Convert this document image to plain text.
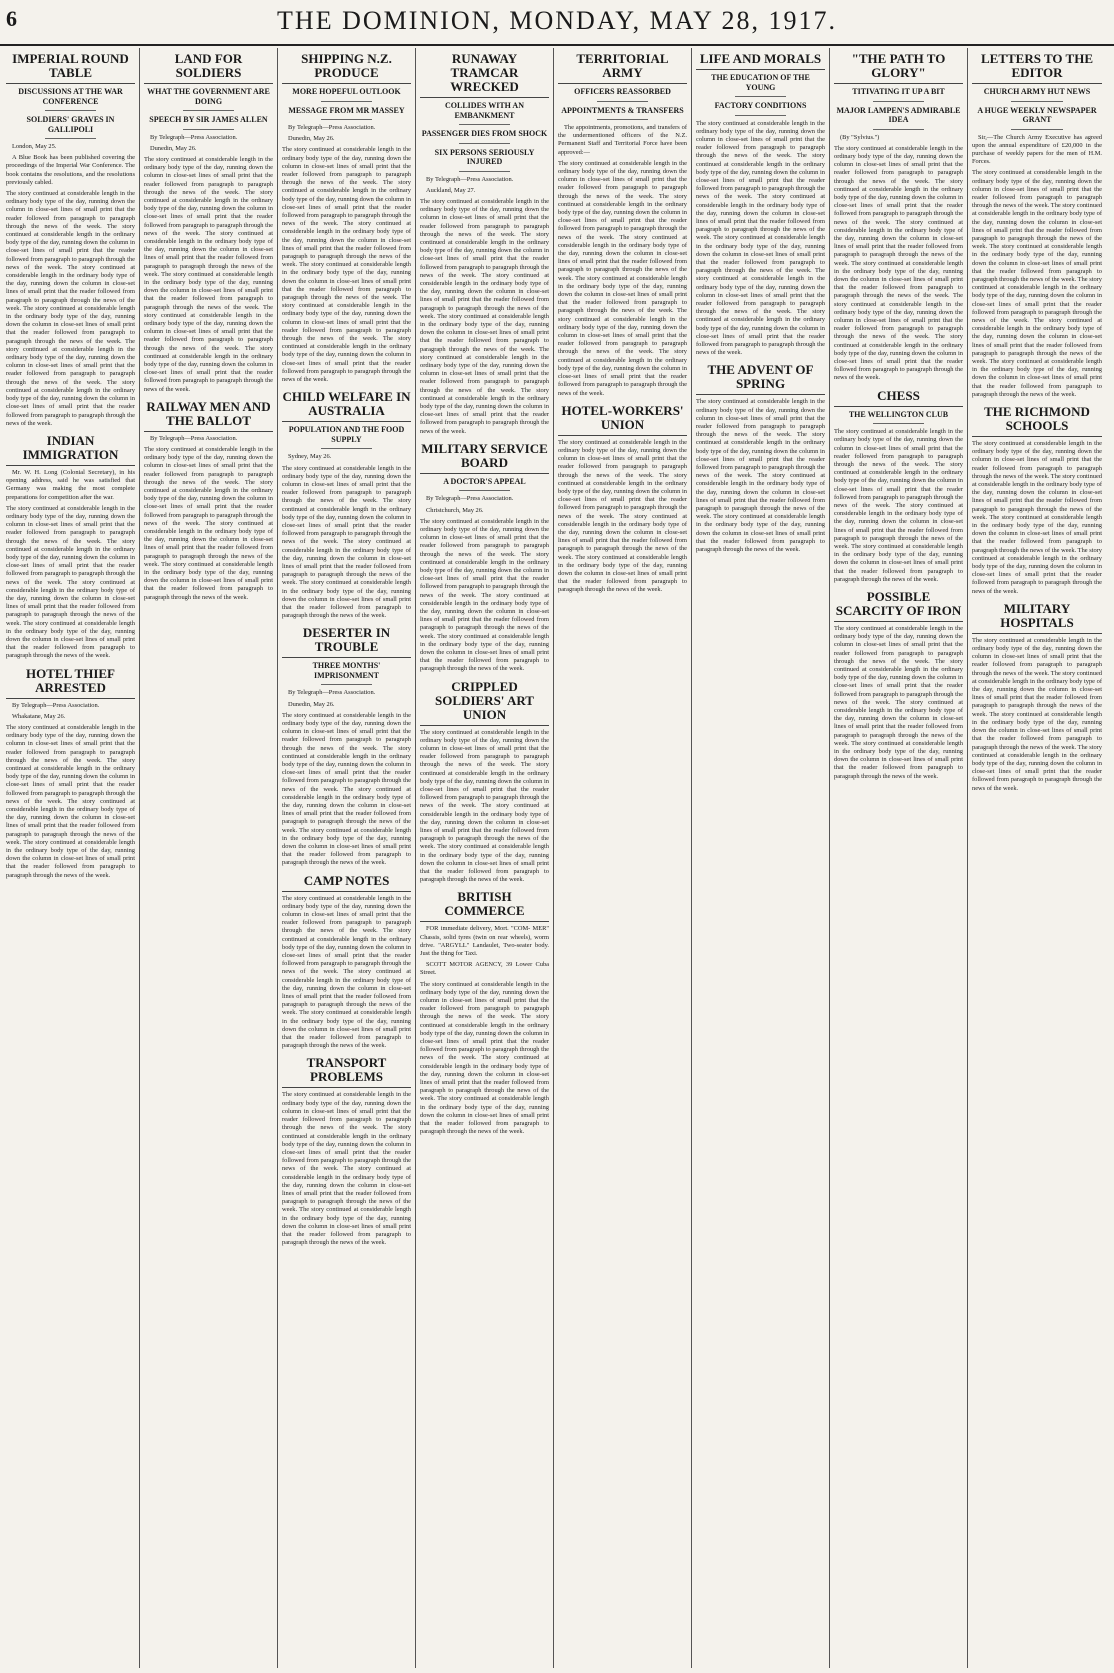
6	THE DOMINION, MONDAY, MAY 28, 1917.
IMPERIAL ROUND TABLE
DISCUSSIONS AT THE WAR CONFERENCE
SOLDIERS' GRAVES IN GALLIPOLI

London, May 25.

A Blue Book has been published covering the proceedings of the Imperial War Conference. The book contains the resolutions, and the resolutions previously cabled.

The story continued at considerable length in the ordinary body type of the day, running down the column in close-set lines of small print that the reader followed from paragraph to paragraph through the news of the week. The story continued at considerable length in the ordinary body type of the day, running down the column in close-set lines of small print that the reader followed from paragraph to paragraph through the news of the week. The story continued at considerable length in the ordinary body type of the day, running down the column in close-set lines of small print that the reader followed from paragraph to paragraph through the news of the week. The story continued at considerable length in the ordinary body type of the day, running down the column in close-set lines of small print that the reader followed from paragraph to paragraph through the news of the week. The story continued at considerable length in the ordinary body type of the day, running down the column in close-set lines of small print that the reader followed from paragraph to paragraph through the news of the week. The story continued at considerable length in the ordinary body type of the day, running down the column in close-set lines of small print that the reader followed from paragraph to paragraph through the news of the week.
INDIAN IMMIGRATION

Mr. W. H. Long (Colonial Secretary), in his opening address, said he was satisfied that Germany was making the most complete preparations for competition after the war.

The story continued at considerable length in the ordinary body type of the day, running down the column in close-set lines of small print that the reader followed from paragraph to paragraph through the news of the week. The story continued at considerable length in the ordinary body type of the day, running down the column in close-set lines of small print that the reader followed from paragraph to paragraph through the news of the week. The story continued at considerable length in the ordinary body type of the day, running down the column in close-set lines of small print that the reader followed from paragraph to paragraph through the news of the week. The story continued at considerable length in the ordinary body type of the day, running down the column in close-set lines of small print that the reader followed from paragraph to paragraph through the news of the week.
HOTEL THIEF ARRESTED

By Telegraph—Press Association.

Whakatane, May 26.

The story continued at considerable length in the ordinary body type of the day, running down the column in close-set lines of small print that the reader followed from paragraph to paragraph through the news of the week. The story continued at considerable length in the ordinary body type of the day, running down the column in close-set lines of small print that the reader followed from paragraph to paragraph through the news of the week. The story continued at considerable length in the ordinary body type of the day, running down the column in close-set lines of small print that the reader followed from paragraph to paragraph through the news of the week. The story continued at considerable length in the ordinary body type of the day, running down the column in close-set lines of small print that the reader followed from paragraph to paragraph through the news of the week.
LAND FOR SOLDIERS
WHAT THE GOVERNMENT ARE DOING
SPEECH BY SIR JAMES ALLEN

By Telegraph—Press Association.

Dunedin, May 26.

The story continued at considerable length in the ordinary body type of the day, running down the column in close-set lines of small print that the reader followed from paragraph to paragraph through the news of the week. The story continued at considerable length in the ordinary body type of the day, running down the column in close-set lines of small print that the reader followed from paragraph to paragraph through the news of the week. The story continued at considerable length in the ordinary body type of the day, running down the column in close-set lines of small print that the reader followed from paragraph to paragraph through the news of the week. The story continued at considerable length in the ordinary body type of the day, running down the column in close-set lines of small print that the reader followed from paragraph to paragraph through the news of the week. The story continued at considerable length in the ordinary body type of the day, running down the column in close-set lines of small print that the reader followed from paragraph to paragraph through the news of the week. The story continued at considerable length in the ordinary body type of the day, running down the column in close-set lines of small print that the reader followed from paragraph to paragraph through the news of the week.
RAILWAY MEN AND THE BALLOT

By Telegraph—Press Association.

The story continued at considerable length in the ordinary body type of the day, running down the column in close-set lines of small print that the reader followed from paragraph to paragraph through the news of the week. The story continued at considerable length in the ordinary body type of the day, running down the column in close-set lines of small print that the reader followed from paragraph to paragraph through the news of the week. The story continued at considerable length in the ordinary body type of the day, running down the column in close-set lines of small print that the reader followed from paragraph to paragraph through the news of the week. The story continued at considerable length in the ordinary body type of the day, running down the column in close-set lines of small print that the reader followed from paragraph to paragraph through the news of the week.
SHIPPING N.Z. PRODUCE
MORE HOPEFUL OUTLOOK
MESSAGE FROM MR MASSEY

By Telegraph—Press Association.

Dunedin, May 26.

The story continued at considerable length in the ordinary body type of the day, running down the column in close-set lines of small print that the reader followed from paragraph to paragraph through the news of the week. The story continued at considerable length in the ordinary body type of the day, running down the column in close-set lines of small print that the reader followed from paragraph to paragraph through the news of the week. The story continued at considerable length in the ordinary body type of the day, running down the column in close-set lines of small print that the reader followed from paragraph to paragraph through the news of the week. The story continued at considerable length in the ordinary body type of the day, running down the column in close-set lines of small print that the reader followed from paragraph to paragraph through the news of the week. The story continued at considerable length in the ordinary body type of the day, running down the column in close-set lines of small print that the reader followed from paragraph to paragraph through the news of the week. The story continued at considerable length in the ordinary body type of the day, running down the column in close-set lines of small print that the reader followed from paragraph to paragraph through the news of the week.
CHILD WELFARE IN AUSTRALIA
POPULATION AND THE FOOD SUPPLY

Sydney, May 26.

The story continued at considerable length in the ordinary body type of the day, running down the column in close-set lines of small print that the reader followed from paragraph to paragraph through the news of the week. The story continued at considerable length in the ordinary body type of the day, running down the column in close-set lines of small print that the reader followed from paragraph to paragraph through the news of the week. The story continued at considerable length in the ordinary body type of the day, running down the column in close-set lines of small print that the reader followed from paragraph to paragraph through the news of the week. The story continued at considerable length in the ordinary body type of the day, running down the column in close-set lines of small print that the reader followed from paragraph to paragraph through the news of the week.
DESERTER IN TROUBLE
THREE MONTHS' IMPRISONMENT

By Telegraph—Press Association.

Dunedin, May 26.

The story continued at considerable length in the ordinary body type of the day, running down the column in close-set lines of small print that the reader followed from paragraph to paragraph through the news of the week. The story continued at considerable length in the ordinary body type of the day, running down the column in close-set lines of small print that the reader followed from paragraph to paragraph through the news of the week. The story continued at considerable length in the ordinary body type of the day, running down the column in close-set lines of small print that the reader followed from paragraph to paragraph through the news of the week. The story continued at considerable length in the ordinary body type of the day, running down the column in close-set lines of small print that the reader followed from paragraph to paragraph through the news of the week.
CAMP NOTES
The story continued at considerable length in the ordinary body type of the day, running down the column in close-set lines of small print that the reader followed from paragraph to paragraph through the news of the week. The story continued at considerable length in the ordinary body type of the day, running down the column in close-set lines of small print that the reader followed from paragraph to paragraph through the news of the week. The story continued at considerable length in the ordinary body type of the day, running down the column in close-set lines of small print that the reader followed from paragraph to paragraph through the news of the week. The story continued at considerable length in the ordinary body type of the day, running down the column in close-set lines of small print that the reader followed from paragraph to paragraph through the news of the week.
TRANSPORT PROBLEMS
The story continued at considerable length in the ordinary body type of the day, running down the column in close-set lines of small print that the reader followed from paragraph to paragraph through the news of the week. The story continued at considerable length in the ordinary body type of the day, running down the column in close-set lines of small print that the reader followed from paragraph to paragraph through the news of the week. The story continued at considerable length in the ordinary body type of the day, running down the column in close-set lines of small print that the reader followed from paragraph to paragraph through the news of the week. The story continued at considerable length in the ordinary body type of the day, running down the column in close-set lines of small print that the reader followed from paragraph to paragraph through the news of the week.
RUNAWAY TRAMCAR WRECKED
COLLIDES WITH AN EMBANKMENT
PASSENGER DIES FROM SHOCK
SIX PERSONS SERIOUSLY INJURED

By Telegraph—Press Association.

Auckland, May 27.

The story continued at considerable length in the ordinary body type of the day, running down the column in close-set lines of small print that the reader followed from paragraph to paragraph through the news of the week. The story continued at considerable length in the ordinary body type of the day, running down the column in close-set lines of small print that the reader followed from paragraph to paragraph through the news of the week. The story continued at considerable length in the ordinary body type of the day, running down the column in close-set lines of small print that the reader followed from paragraph to paragraph through the news of the week. The story continued at considerable length in the ordinary body type of the day, running down the column in close-set lines of small print that the reader followed from paragraph to paragraph through the news of the week. The story continued at considerable length in the ordinary body type of the day, running down the column in close-set lines of small print that the reader followed from paragraph to paragraph through the news of the week. The story continued at considerable length in the ordinary body type of the day, running down the column in close-set lines of small print that the reader followed from paragraph to paragraph through the news of the week.
MILITARY SERVICE BOARD
A DOCTOR'S APPEAL

By Telegraph—Press Association.

Christchurch, May 26.

The story continued at considerable length in the ordinary body type of the day, running down the column in close-set lines of small print that the reader followed from paragraph to paragraph through the news of the week. The story continued at considerable length in the ordinary body type of the day, running down the column in close-set lines of small print that the reader followed from paragraph to paragraph through the news of the week. The story continued at considerable length in the ordinary body type of the day, running down the column in close-set lines of small print that the reader followed from paragraph to paragraph through the news of the week. The story continued at considerable length in the ordinary body type of the day, running down the column in close-set lines of small print that the reader followed from paragraph to paragraph through the news of the week.
CRIPPLED SOLDIERS' ART UNION
The story continued at considerable length in the ordinary body type of the day, running down the column in close-set lines of small print that the reader followed from paragraph to paragraph through the news of the week. The story continued at considerable length in the ordinary body type of the day, running down the column in close-set lines of small print that the reader followed from paragraph to paragraph through the news of the week. The story continued at considerable length in the ordinary body type of the day, running down the column in close-set lines of small print that the reader followed from paragraph to paragraph through the news of the week. The story continued at considerable length in the ordinary body type of the day, running down the column in close-set lines of small print that the reader followed from paragraph to paragraph through the news of the week.
BRITISH COMMERCE

FOR immediate delivery, Mort. "COM- MER" Chassis, solid tyres (twin on rear wheels), worm drive. "ARGYLL" Landaulet, Two-seater body. Just the thing for Taxi.

SCOTT MOTOR AGENCY, 39 Lower Cuba Street.

The story continued at considerable length in the ordinary body type of the day, running down the column in close-set lines of small print that the reader followed from paragraph to paragraph through the news of the week. The story continued at considerable length in the ordinary body type of the day, running down the column in close-set lines of small print that the reader followed from paragraph to paragraph through the news of the week. The story continued at considerable length in the ordinary body type of the day, running down the column in close-set lines of small print that the reader followed from paragraph to paragraph through the news of the week. The story continued at considerable length in the ordinary body type of the day, running down the column in close-set lines of small print that the reader followed from paragraph to paragraph through the news of the week.
TERRITORIAL ARMY
OFFICERS REASSORBED
APPOINTMENTS & TRANSFERS

The appointments, promotions, and transfers of the undermentioned officers of the N.Z. Permanent Staff and Territorial Force have been approved:—

The story continued at considerable length in the ordinary body type of the day, running down the column in close-set lines of small print that the reader followed from paragraph to paragraph through the news of the week. The story continued at considerable length in the ordinary body type of the day, running down the column in close-set lines of small print that the reader followed from paragraph to paragraph through the news of the week. The story continued at considerable length in the ordinary body type of the day, running down the column in close-set lines of small print that the reader followed from paragraph to paragraph through the news of the week. The story continued at considerable length in the ordinary body type of the day, running down the column in close-set lines of small print that the reader followed from paragraph to paragraph through the news of the week. The story continued at considerable length in the ordinary body type of the day, running down the column in close-set lines of small print that the reader followed from paragraph to paragraph through the news of the week. The story continued at considerable length in the ordinary body type of the day, running down the column in close-set lines of small print that the reader followed from paragraph to paragraph through the news of the week.
HOTEL-WORKERS' UNION
The story continued at considerable length in the ordinary body type of the day, running down the column in close-set lines of small print that the reader followed from paragraph to paragraph through the news of the week. The story continued at considerable length in the ordinary body type of the day, running down the column in close-set lines of small print that the reader followed from paragraph to paragraph through the news of the week. The story continued at considerable length in the ordinary body type of the day, running down the column in close-set lines of small print that the reader followed from paragraph to paragraph through the news of the week. The story continued at considerable length in the ordinary body type of the day, running down the column in close-set lines of small print that the reader followed from paragraph to paragraph through the news of the week.
LIFE AND MORALS
THE EDUCATION OF THE YOUNG
FACTORY CONDITIONS
The story continued at considerable length in the ordinary body type of the day, running down the column in close-set lines of small print that the reader followed from paragraph to paragraph through the news of the week. The story continued at considerable length in the ordinary body type of the day, running down the column in close-set lines of small print that the reader followed from paragraph to paragraph through the news of the week. The story continued at considerable length in the ordinary body type of the day, running down the column in close-set lines of small print that the reader followed from paragraph to paragraph through the news of the week. The story continued at considerable length in the ordinary body type of the day, running down the column in close-set lines of small print that the reader followed from paragraph to paragraph through the news of the week. The story continued at considerable length in the ordinary body type of the day, running down the column in close-set lines of small print that the reader followed from paragraph to paragraph through the news of the week. The story continued at considerable length in the ordinary body type of the day, running down the column in close-set lines of small print that the reader followed from paragraph to paragraph through the news of the week.
THE ADVENT OF SPRING
The story continued at considerable length in the ordinary body type of the day, running down the column in close-set lines of small print that the reader followed from paragraph to paragraph through the news of the week. The story continued at considerable length in the ordinary body type of the day, running down the column in close-set lines of small print that the reader followed from paragraph to paragraph through the news of the week. The story continued at considerable length in the ordinary body type of the day, running down the column in close-set lines of small print that the reader followed from paragraph to paragraph through the news of the week. The story continued at considerable length in the ordinary body type of the day, running down the column in close-set lines of small print that the reader followed from paragraph to paragraph through the news of the week.
"THE PATH TO GLORY"
TITIVATING IT UP A BIT
MAJOR LAMPEN'S ADMIRABLE IDEA

(By "Sylvius.")

The story continued at considerable length in the ordinary body type of the day, running down the column in close-set lines of small print that the reader followed from paragraph to paragraph through the news of the week. The story continued at considerable length in the ordinary body type of the day, running down the column in close-set lines of small print that the reader followed from paragraph to paragraph through the news of the week. The story continued at considerable length in the ordinary body type of the day, running down the column in close-set lines of small print that the reader followed from paragraph to paragraph through the news of the week. The story continued at considerable length in the ordinary body type of the day, running down the column in close-set lines of small print that the reader followed from paragraph to paragraph through the news of the week. The story continued at considerable length in the ordinary body type of the day, running down the column in close-set lines of small print that the reader followed from paragraph to paragraph through the news of the week. The story continued at considerable length in the ordinary body type of the day, running down the column in close-set lines of small print that the reader followed from paragraph to paragraph through the news of the week.
CHESS
THE WELLINGTON CLUB
The story continued at considerable length in the ordinary body type of the day, running down the column in close-set lines of small print that the reader followed from paragraph to paragraph through the news of the week. The story continued at considerable length in the ordinary body type of the day, running down the column in close-set lines of small print that the reader followed from paragraph to paragraph through the news of the week. The story continued at considerable length in the ordinary body type of the day, running down the column in close-set lines of small print that the reader followed from paragraph to paragraph through the news of the week. The story continued at considerable length in the ordinary body type of the day, running down the column in close-set lines of small print that the reader followed from paragraph to paragraph through the news of the week.
POSSIBLE SCARCITY OF IRON
The story continued at considerable length in the ordinary body type of the day, running down the column in close-set lines of small print that the reader followed from paragraph to paragraph through the news of the week. The story continued at considerable length in the ordinary body type of the day, running down the column in close-set lines of small print that the reader followed from paragraph to paragraph through the news of the week. The story continued at considerable length in the ordinary body type of the day, running down the column in close-set lines of small print that the reader followed from paragraph to paragraph through the news of the week. The story continued at considerable length in the ordinary body type of the day, running down the column in close-set lines of small print that the reader followed from paragraph to paragraph through the news of the week.
LETTERS TO THE EDITOR
CHURCH ARMY HUT NEWS
A HUGE WEEKLY NEWSPAPER GRANT

Sir,—The Church Army Executive has agreed upon the annual expenditure of £20,000 in the purchase of weekly papers for the men of H.M. Forces.

The story continued at considerable length in the ordinary body type of the day, running down the column in close-set lines of small print that the reader followed from paragraph to paragraph through the news of the week. The story continued at considerable length in the ordinary body type of the day, running down the column in close-set lines of small print that the reader followed from paragraph to paragraph through the news of the week. The story continued at considerable length in the ordinary body type of the day, running down the column in close-set lines of small print that the reader followed from paragraph to paragraph through the news of the week. The story continued at considerable length in the ordinary body type of the day, running down the column in close-set lines of small print that the reader followed from paragraph to paragraph through the news of the week. The story continued at considerable length in the ordinary body type of the day, running down the column in close-set lines of small print that the reader followed from paragraph to paragraph through the news of the week. The story continued at considerable length in the ordinary body type of the day, running down the column in close-set lines of small print that the reader followed from paragraph to paragraph through the news of the week.
THE RICHMOND SCHOOLS
The story continued at considerable length in the ordinary body type of the day, running down the column in close-set lines of small print that the reader followed from paragraph to paragraph through the news of the week. The story continued at considerable length in the ordinary body type of the day, running down the column in close-set lines of small print that the reader followed from paragraph to paragraph through the news of the week. The story continued at considerable length in the ordinary body type of the day, running down the column in close-set lines of small print that the reader followed from paragraph to paragraph through the news of the week. The story continued at considerable length in the ordinary body type of the day, running down the column in close-set lines of small print that the reader followed from paragraph to paragraph through the news of the week.
MILITARY HOSPITALS
The story continued at considerable length in the ordinary body type of the day, running down the column in close-set lines of small print that the reader followed from paragraph to paragraph through the news of the week. The story continued at considerable length in the ordinary body type of the day, running down the column in close-set lines of small print that the reader followed from paragraph to paragraph through the news of the week. The story continued at considerable length in the ordinary body type of the day, running down the column in close-set lines of small print that the reader followed from paragraph to paragraph through the news of the week. The story continued at considerable length in the ordinary body type of the day, running down the column in close-set lines of small print that the reader followed from paragraph to paragraph through the news of the week.
